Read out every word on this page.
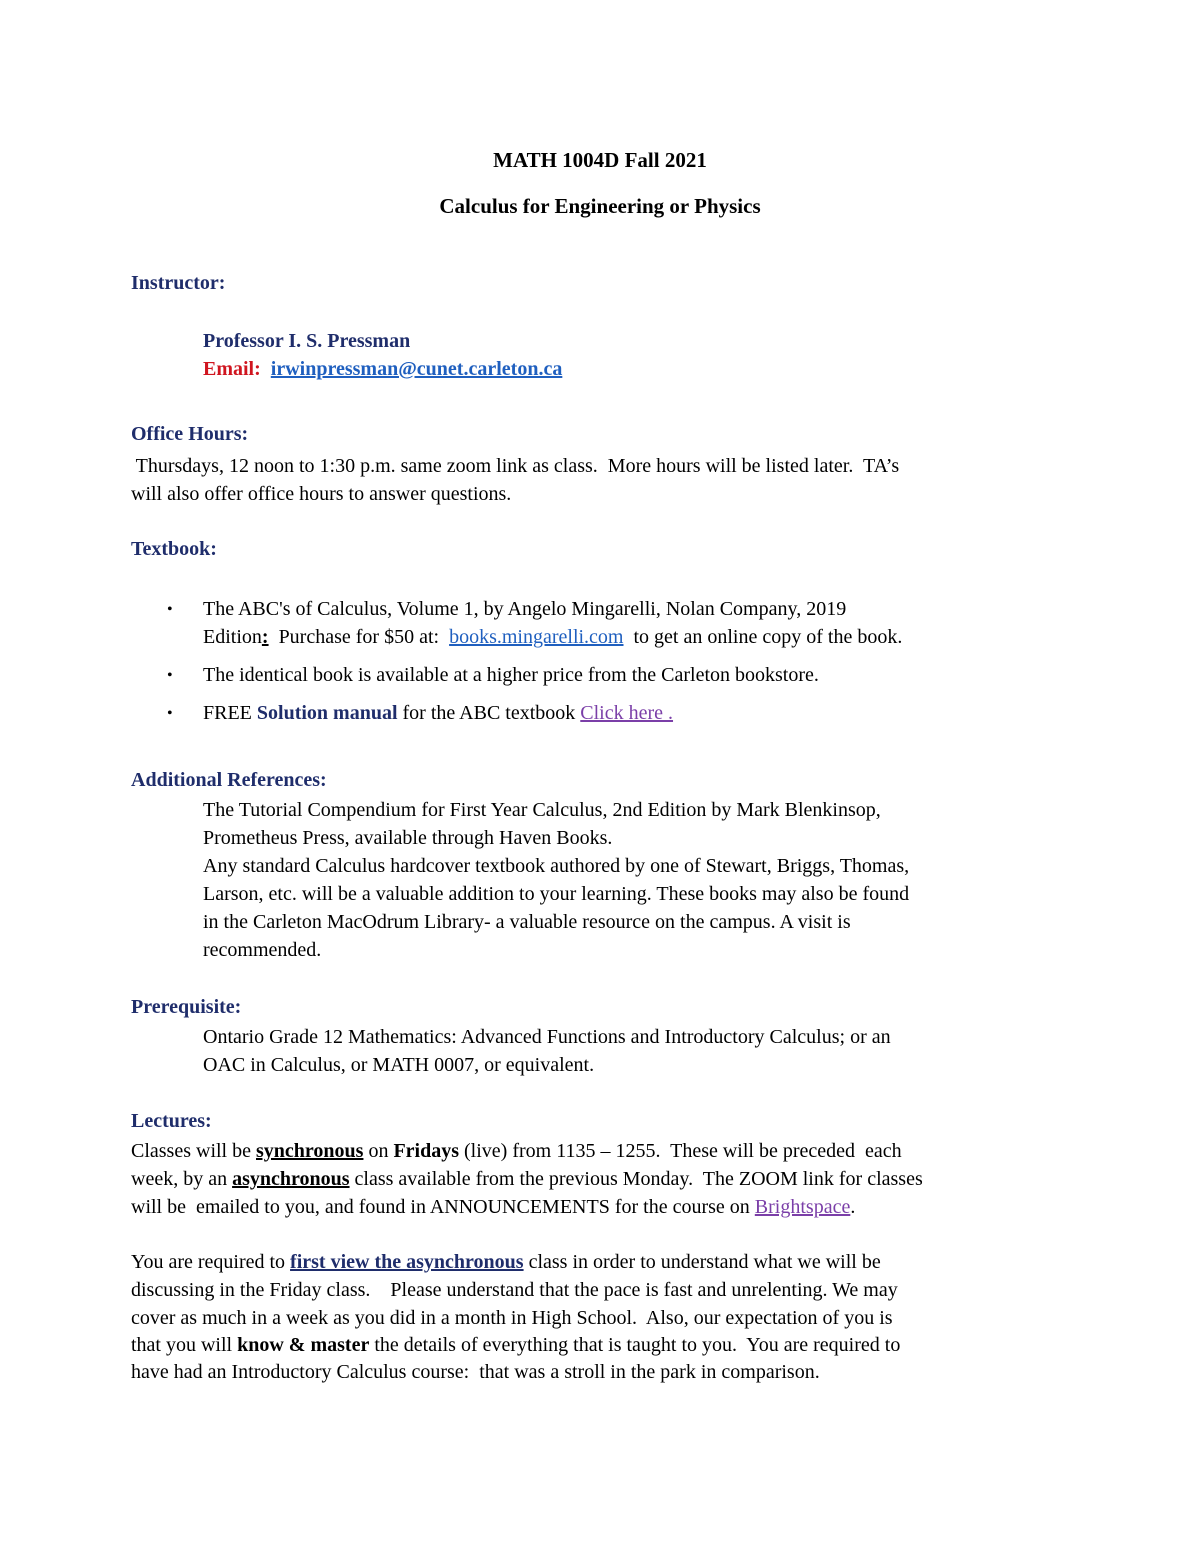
MATH 1004D Fall 2021
Calculus for Engineering or Physics
Instructor:
Professor I. S. Pressman
Email: irwinpressman@cunet.carleton.ca
Office Hours:
Thursdays, 12 noon to 1:30 p.m. same zoom link as class.  More hours will be listed later.  TA’s
will also offer office hours to answer questions.
Textbook:
• The ABC's of Calculus, Volume 1, by Angelo Mingarelli, Nolan Company, 2019
Edition:  Purchase for $50 at:  books.mingarelli.com  to get an online copy of the book.
• The identical book is available at a higher price from the Carleton bookstore.
• FREE Solution manual for the ABC textbook Click here .
Additional References:
The Tutorial Compendium for First Year Calculus, 2nd Edition by Mark Blenkinsop,
Prometheus Press, available through Haven Books.
Any standard Calculus hardcover textbook authored by one of Stewart, Briggs, Thomas,
Larson, etc. will be a valuable addition to your learning. These books may also be found
in the Carleton MacOdrum Library- a valuable resource on the campus. A visit is
recommended.
Prerequisite:
Ontario Grade 12 Mathematics: Advanced Functions and Introductory Calculus; or an
OAC in Calculus, or MATH 0007, or equivalent.
Lectures:
Classes will be synchronous on Fridays (live) from 1135 – 1255.  These will be preceded  each
week, by an asynchronous class available from the previous Monday.  The ZOOM link for classes
will be  emailed to you, and found in ANNOUNCEMENTS for the course on Brightspace.
You are required to first view the asynchronous class in order to understand what we will be
discussing in the Friday class.    Please understand that the pace is fast and unrelenting. We may
cover as much in a week as you did in a month in High School.  Also, our expectation of you is
that you will know & master the details of everything that is taught to you.  You are required to
have had an Introductory Calculus course:  that was a stroll in the park in comparison.
